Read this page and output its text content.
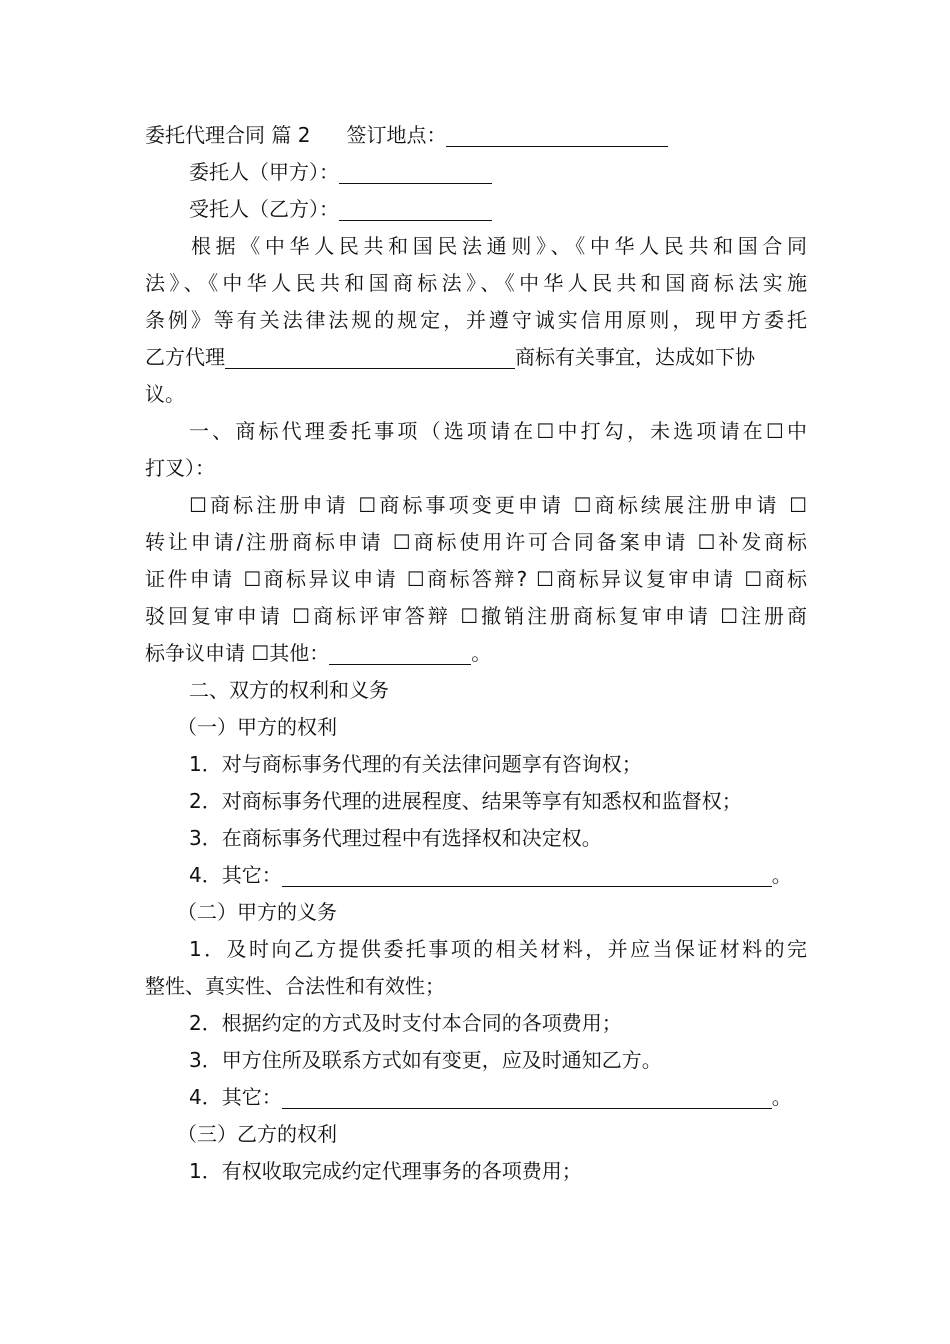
委托代理合同 篇 2 签订地点：
委托人（甲方）：
受托人（乙方）：
根据《中华人民共和国民法通则》、《中华人民共和国合同
法》、《中华人民共和国商标法》、《中华人民共和国商标法实施
条例》等有关法律法规的规定，并遵守诚实信用原则，现甲方委托
乙方代理	商标有关事宜，达成如下协
议。
一、商标代理委托事项（选项请在☐中打勾，未选项请在☐中
打叉）：
☐商标注册申请 ☐商标事项变更申请 ☐商标续展注册申请 ☐
转让申请/注册商标申请 ☐商标使用许可合同备案申请 ☐补发商标
证件申请 ☐商标异议申请 ☐商标答辩? ☐商标异议复审申请 ☐商标
驳回复审申请 ☐商标评审答辩 ☐撤销注册商标复审申请 ☐注册商
标争议申请 ☐其他：	。
二、双方的权利和义务
（一）甲方的权利
1．对与商标事务代理的有关法律问题享有咨询权；
2．对商标事务代理的进展程度、结果等享有知悉权和监督权；
3．在商标事务代理过程中有选择权和决定权。
4．其它：	。
（二）甲方的义务
1．及时向乙方提供委托事项的相关材料，并应当保证材料的完
整性、真实性、合法性和有效性；
2．根据约定的方式及时支付本合同的各项费用；
3．甲方住所及联系方式如有变更，应及时通知乙方。
4．其它：	。
（三）乙方的权利
1．有权收取完成约定代理事务的各项费用；
